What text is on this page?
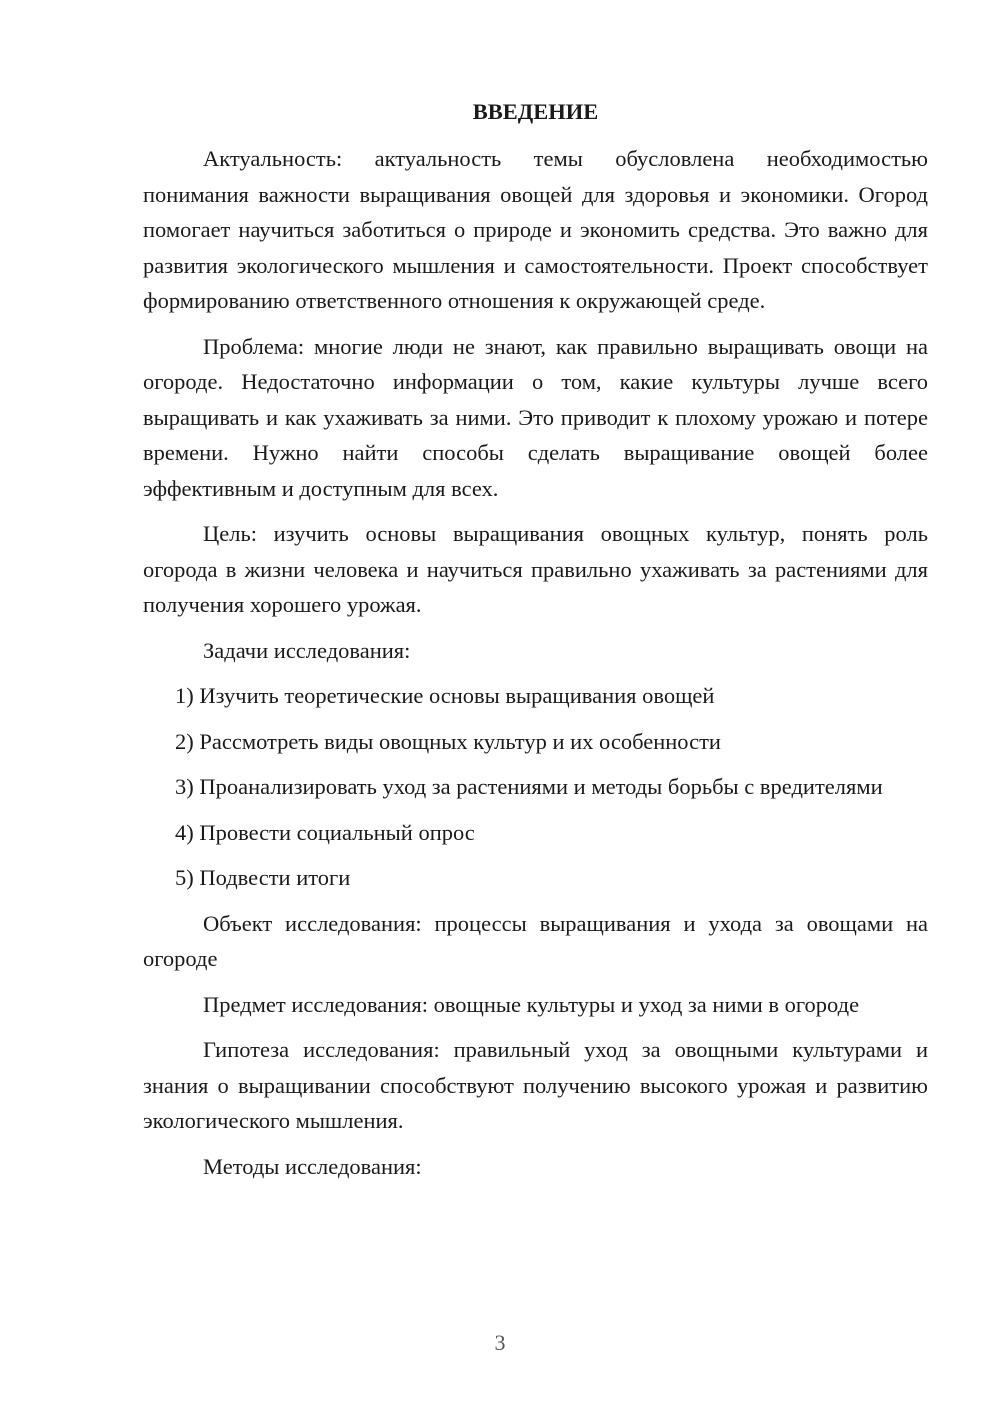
ВВЕДЕНИЕ

Актуальность: актуальность темы обусловлена необходимостью понимания важности выращивания овощей для здоровья и экономики. Огород помогает научиться заботиться о природе и экономить средства. Это важно для развития экологического мышления и самостоятельности. Проект способствует формированию ответственного отношения к окружающей среде.

Проблема: многие люди не знают, как правильно выращивать овощи на огороде. Недостаточно информации о том, какие культуры лучше всего выращивать и как ухаживать за ними. Это приводит к плохому урожаю и потере времени. Нужно найти способы сделать выращивание овощей более эффективным и доступным для всех.

Цель: изучить основы выращивания овощных культур, понять роль огорода в жизни человека и научиться правильно ухаживать за растениями для получения хорошего урожая.

Задачи исследования:

1) Изучить теоретические основы выращивания овощей

2) Рассмотреть виды овощных культур и их особенности

3) Проанализировать уход за растениями и методы борьбы с вредителями

4) Провести социальный опрос

5) Подвести итоги

Объект исследования: процессы выращивания и ухода за овощами на огороде

Предмет исследования: овощные культуры и уход за ними в огороде

Гипотеза исследования: правильный уход за овощными культурами и знания о выращивании способствуют получению высокого урожая и развитию экологического мышления.

Методы исследования:

3
